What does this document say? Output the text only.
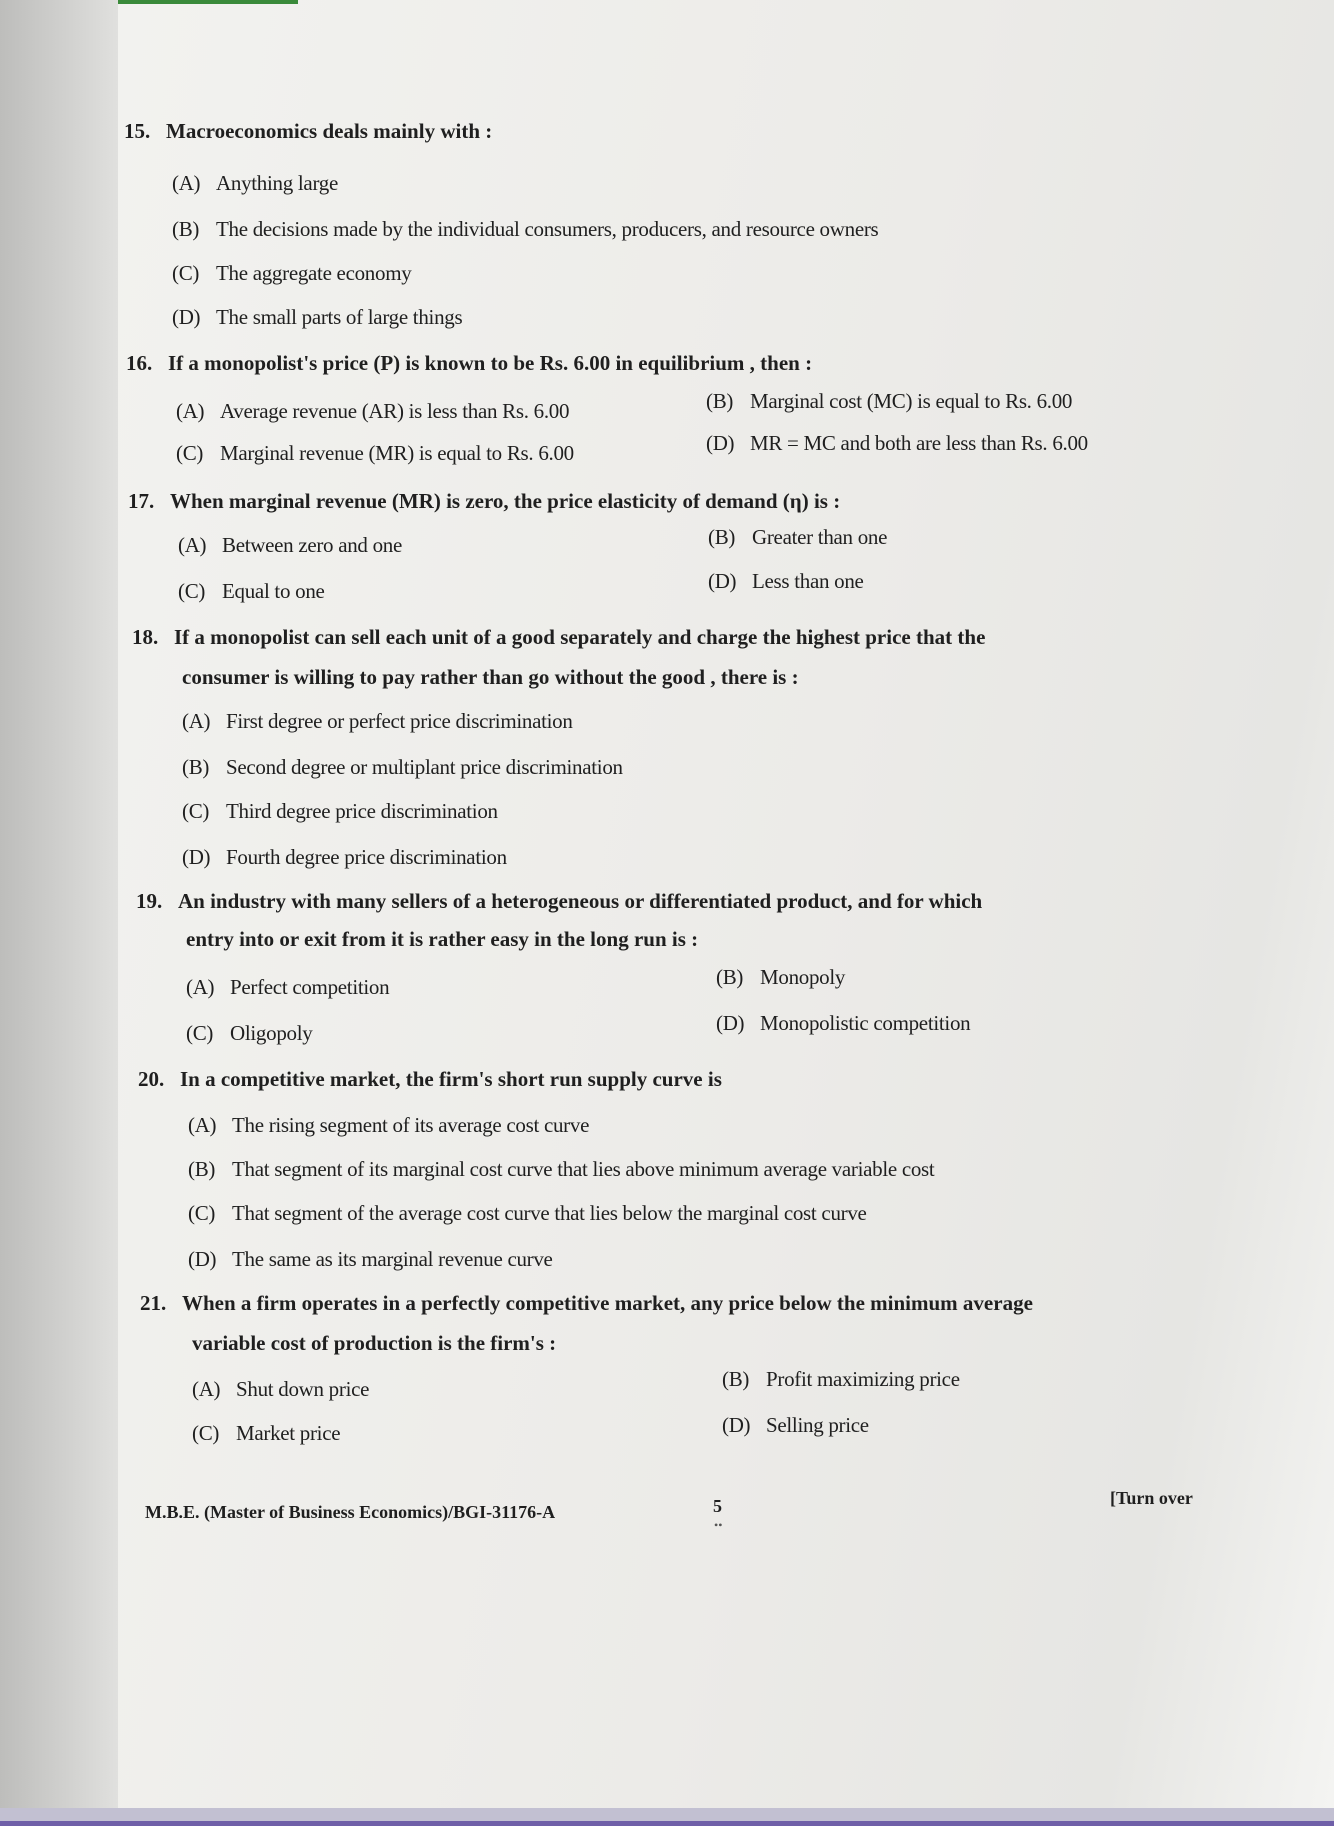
15. Macroeconomics deals mainly with :
(A) Anything large
(B) The decisions made by the individual consumers, producers, and resource owners
(C) The aggregate economy
(D) The small parts of large things
16. If a monopolist's price (P) is known to be Rs. 6.00 in equilibrium , then :
(A) Average revenue (AR) is less than Rs. 6.00	(B) Marginal cost (MC) is equal to Rs. 6.00
(C) Marginal revenue (MR) is equal to Rs. 6.00	(D) MR = MC and both are less than Rs. 6.00
17. When marginal revenue (MR) is zero, the price elasticity of demand (η) is :
(A) Between zero and one	(B) Greater than one
(C) Equal to one	(D) Less than one
18. If a monopolist can sell each unit of a good separately and charge the highest price that the
consumer is willing to pay rather than go without the good , there is :
(A) First degree or perfect price discrimination
(B) Second degree or multiplant price discrimination
(C) Third degree price discrimination
(D) Fourth degree price discrimination
19. An industry with many sellers of a heterogeneous or differentiated product, and for which
entry into or exit from it is rather easy in the long run is :
(A) Perfect competition	(B) Monopoly
(C) Oligopoly	(D) Monopolistic competition
20. In a competitive market, the firm's short run supply curve is
(A) The rising segment of its average cost curve
(B) That segment of its marginal cost curve that lies above minimum average variable cost
(C) That segment of the average cost curve that lies below the marginal cost curve
(D) The same as its marginal revenue curve
21. When a firm operates in a perfectly competitive market, any price below the minimum average
variable cost of production is the firm's :
(A) Shut down price	(B) Profit maximizing price
(C) Market price	(D) Selling price
M.B.E. (Master of Business Economics)/BGI-31176-A	5
••
[Turn over
